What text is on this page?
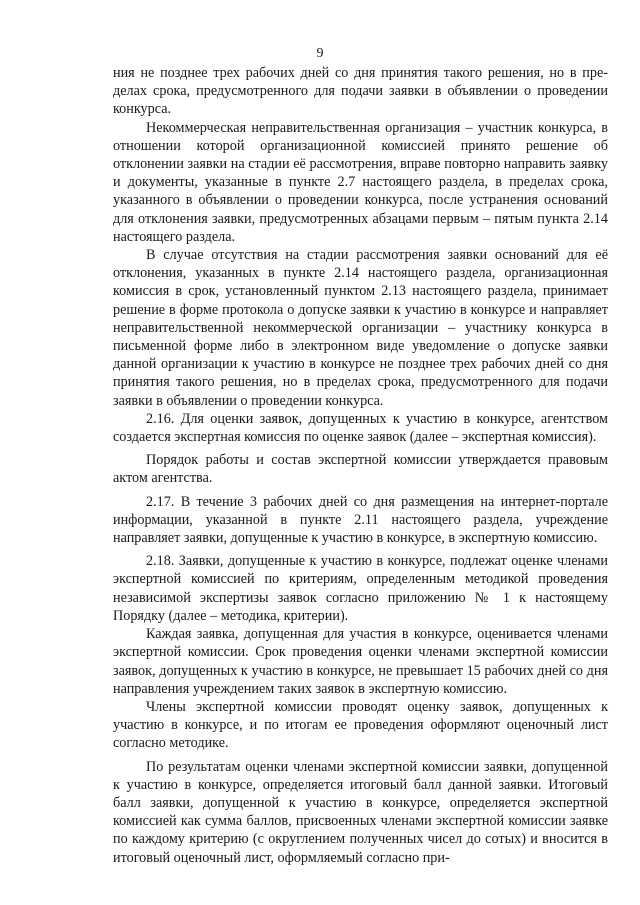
9

ния не позднее трех рабочих дней со дня принятия такого решения, но в пределах срока, предусмотренного для подачи заявки в объявлении о проведении конкурса.

Некоммерческая неправительственная организация – участник конкурса, в отношении которой организационной комиссией принято решение об отклонении заявки на стадии её рассмотрения, вправе повторно направить заявку и документы, указанные в пункте 2.7 настоящего раздела, в пределах срока, указанного в объявлении о проведении конкурса, после устранения оснований для отклонения заявки, предусмотренных абзацами первым – пятым пункта 2.14 настоящего раздела.

В случае отсутствия на стадии рассмотрения заявки оснований для её отклонения, указанных в пункте 2.14 настоящего раздела, организационная комиссия в срок, установленный пунктом 2.13 настоящего раздела, принимает решение в форме протокола о допуске заявки к участию в конкурсе и направляет неправительственной некоммерческой организации – участнику конкурса в письменной форме либо в электронном виде уведомление о допуске заявки данной организации к участию в конкурсе не позднее трех рабочих дней со дня принятия такого решения, но в пределах срока, предусмотренного для подачи заявки в объявлении о проведении конкурса.

2.16. Для оценки заявок, допущенных к участию в конкурсе, агентством создается экспертная комиссия по оценке заявок (далее – экспертная комиссия).

Порядок работы и состав экспертной комиссии утверждается правовым актом агентства.

2.17. В течение 3 рабочих дней со дня размещения на интернет-портале информации, указанной в пункте 2.11 настоящего раздела, учреждение направляет заявки, допущенные к участию в конкурсе, в экспертную комиссию.

2.18. Заявки, допущенные к участию в конкурсе, подлежат оценке членами экспертной комиссией по критериям, определенным методикой проведения независимой экспертизы заявок согласно приложению № 1 к настоящему Порядку (далее – методика, критерии).

Каждая заявка, допущенная для участия в конкурсе, оценивается членами экспертной комиссии. Срок проведения оценки членами экспертной комиссии заявок, допущенных к участию в конкурсе, не превышает 15 рабочих дней со дня направления учреждением таких заявок в экспертную комиссию.

Члены экспертной комиссии проводят оценку заявок, допущенных к участию в конкурсе, и по итогам ее проведения оформляют оценочный лист согласно методике.

По результатам оценки членами экспертной комиссии заявки, допущенной к участию в конкурсе, определяется итоговый балл данной заявки. Итоговый балл заявки, допущенной к участию в конкурсе, определяется экспертной комиссией как сумма баллов, присвоенных членами экспертной комиссии заявке по каждому критерию (с округлением полученных чисел до сотых) и вносится в итоговый оценочный лист, оформляемый согласно при-
